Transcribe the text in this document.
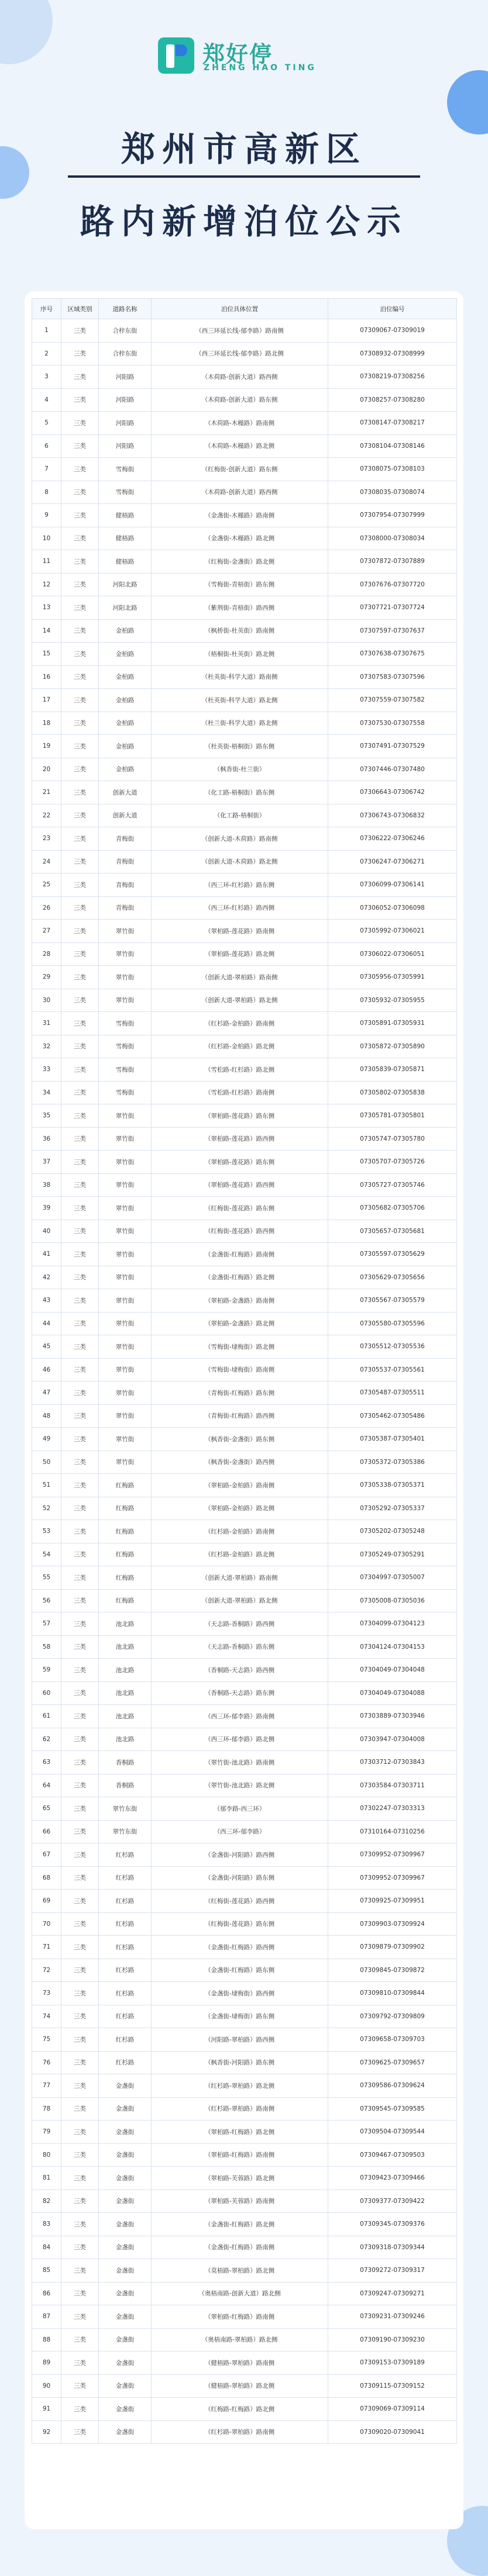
郑好停
ZHENG HAO TING
郑州市高新区
路内新增泊位公示
序号	区域类别	道路名称	泊位具体位置	泊位编号
1	三类	合梓东街	（西三环延长线-郁李路）路南侧	07309067-07309019
2	三类	合梓东街	（西三环延长线-郁李路）路北侧	07308932-07308999
3	三类	河阳路	（木荷路-创新大道）路西侧	07308219-07308256
4	三类	河阳路	（木荷路-创新大道）路东侧	07308257-07308280
5	三类	河阳路	（木荷路-木槿路）路南侧	07308147-07308217
6	三类	河阳路	（木荷路-木槿路）路北侧	07308104-07308146
7	三类	雪梅街	（红梅街-创新大道）路东侧	07308075-07308103
8	三类	雪梅街	（木荷路-创新大道）路西侧	07308035-07308074
9	三类	健梧路	（金盏街-木槿路）路南侧	07307954-07307999
10	三类	健梧路	（金盏街-木槿路）路北侧	07308000-07308034
11	三类	健梧路	（红梅街-金盏街）路北侧	07307872-07307889
12	三类	河阳北路	（雪梅街-青梧街）路东侧	07307676-07307720
13	三类	河阳北路	（紫荆街-青梧街）路西侧	07307721-07307724
14	三类	金柏路	（枫桥街-杜英街）路南侧	07307597-07307637
15	三类	金柏路	（梧桐街-杜英街）路北侧	07307638-07307675
16	三类	金柏路	（杜英街-科学大道）路南侧	07307583-07307596
17	三类	金柏路	（杜英街-科学大道）路北侧	07307559-07307582
18	三类	金柏路	（杜兰街-科学大道）路北侧	07307530-07307558
19	三类	金柏路	（杜英街-梧桐街）路东侧	07307491-07307529
20	三类	金柏路	（枫香街-杜兰街）	07307446-07307480
21	三类	创新大道	（化工路-梧桐街）路东侧	07306643-07306742
22	三类	创新大道	（化工路-梧桐街）	07306743-07306832
23	三类	青梅街	（创新大道-木荷路）路南侧	07306222-07306246
24	三类	青梅街	（创新大道-木荷路）路北侧	07306247-07306271
25	三类	青梅街	（西三环-红杉路）路东侧	07306099-07306141
26	三类	青梅街	（西三环-红杉路）路西侧	07306052-07306098
27	三类	翠竹街	（翠柏路-莲花路）路南侧	07305992-07306021
28	三类	翠竹街	（翠柏路-莲花路）路北侧	07306022-07306051
29	三类	翠竹街	（创新大道-翠柏路）路南侧	07305956-07305991
30	三类	翠竹街	（创新大道-翠柏路）路北侧	07305932-07305955
31	三类	雪梅街	（红杉路-金柏路）路南侧	07305891-07305931
32	三类	雪梅街	（红杉路-金柏路）路北侧	07305872-07305890
33	三类	雪梅街	（雪松路-红杉路）路北侧	07305839-07305871
34	三类	雪梅街	（雪松路-红杉路）路南侧	07305802-07305838
35	三类	翠竹街	（翠柏路-莲花路）路东侧	07305781-07305801
36	三类	翠竹街	（翠柏路-莲花路）路西侧	07305747-07305780
37	三类	翠竹街	（翠柏路-莲花路）路东侧	07305707-07305726
38	三类	翠竹街	（翠柏路-莲花路）路西侧	07305727-07305746
39	三类	翠竹街	（红梅街-莲花路）路东侧	07305682-07305706
40	三类	翠竹街	（红梅街-莲花路）路西侧	07305657-07305681
41	三类	翠竹街	（金盏街-红梅路）路南侧	07305597-07305629
42	三类	翠竹街	（金盏街-红梅路）路北侧	07305629-07305656
43	三类	翠竹街	（翠柏路-金盏路）路南侧	07305567-07305579
44	三类	翠竹街	（翠柏路-金盏路）路北侧	07305580-07305596
45	三类	翠竹街	（雪梅街-埭梅街）路北侧	07305512-07305536
46	三类	翠竹街	（雪梅街-埭梅街）路南侧	07305537-07305561
47	三类	翠竹街	（青梅街-红梅路）路东侧	07305487-07305511
48	三类	翠竹街	（青梅街-红梅路）路西侧	07305462-07305486
49	三类	翠竹街	（枫香街-金盏街）路东侧	07305387-07305401
50	三类	翠竹街	（枫香街-金盏街）路西侧	07305372-07305386
51	三类	红梅路	（翠柏路-金柏路）路南侧	07305338-07305371
52	三类	红梅路	（翠柏路-金柏路）路北侧	07305292-07305337
53	三类	红梅路	（红杉路-金柏路）路南侧	07305202-07305248
54	三类	红梅路	（红杉路-金柏路）路北侧	07305249-07305291
55	三类	红梅路	（创新大道-翠柏路）路南侧	07304997-07305007
56	三类	红梅路	（创新大道-翠柏路）路北侧	07305008-07305036
57	三类	池北路	（天志路-香桐路）路西侧	07304099-07304123
58	三类	池北路	（天志路-香桐路）路东侧	07304124-07304153
59	三类	池北路	（香桐路-天志路）路西侧	07304049-07304048
60	三类	池北路	（香桐路-天志路）路东侧	07304049-07304088
61	三类	池北路	（西三环-郁李路）路南侧	07303889-07303946
62	三类	池北路	（西三环-郁李路）路北侧	07303947-07304008
63	三类	香桐路	（翠竹街-池北路）路南侧	07303712-07303843
64	三类	香桐路	（翠竹街-池北路）路北侧	07303584-07303711
65	三类	翠竹东街	（郁李路-西三环）	07302247-07303313
66	三类	翠竹东街	（西三环-郁李路）	07310164-07310256
67	三类	红杉路	（金盏街-河阳路）路西侧	07309952-07309967
68	三类	红杉路	（金盏街-河阳路）路东侧	07309952-07309967
69	三类	红杉路	（红梅街-莲花路）路西侧	07309925-07309951
70	三类	红杉路	（红梅街-莲花路）路东侧	07309903-07309924
71	三类	红杉路	（金盏街-红梅路）路西侧	07309879-07309902
72	三类	红杉路	（金盏街-红梅路）路东侧	07309845-07309872
73	三类	红杉路	（金盏街-埭梅街）路西侧	07309810-07309844
74	三类	红杉路	（金盏街-埭梅街）路东侧	07309792-07309809
75	三类	红杉路	（河阳路-翠柏路）路西侧	07309658-07309703
76	三类	红杉路	（枫香街-河阳路）路东侧	07309625-07309657
77	三类	金盏街	（红杉路-翠柏路）路北侧	07309586-07309624
78	三类	金盏街	（红杉路-翠柏路）路南侧	07309545-07309585
79	三类	金盏街	（翠柏路-红梅路）路北侧	07309504-07309544
80	三类	金盏街	（翠柏路-红梅路）路南侧	07309467-07309503
81	三类	金盏街	（翠柏路-芙蓉路）路北侧	07309423-07309466
82	三类	金盏街	（翠柏路-芙蓉路）路南侧	07309377-07309422
83	三类	金盏街	（金盏街-红梅路）路北侧	07309345-07309376
84	三类	金盏街	（金盏街-红梅路）路南侧	07309318-07309344
85	三类	金盏街	（莫梧路-翠柏路）路北侧	07309272-07309317
86	三类	金盏街	（奥梧南路-创新大道）路北侧	07309247-07309271
87	三类	金盏街	（翠柏路-红梅路）路南侧	07309231-07309246
88	三类	金盏街	（奥梧南路-翠柏路）路北侧	07309190-07309230
89	三类	金盏街	（健梧路-翠柏路）路南侧	07309153-07309189
90	三类	金盏街	（健梧路-翠柏路）路北侧	07309115-07309152
91	三类	金盏街	（红梅路-红梅路）路北侧	07309069-07309114
92	三类	金盏街	（红杉路-翠柏路）路南侧	07309020-07309041
